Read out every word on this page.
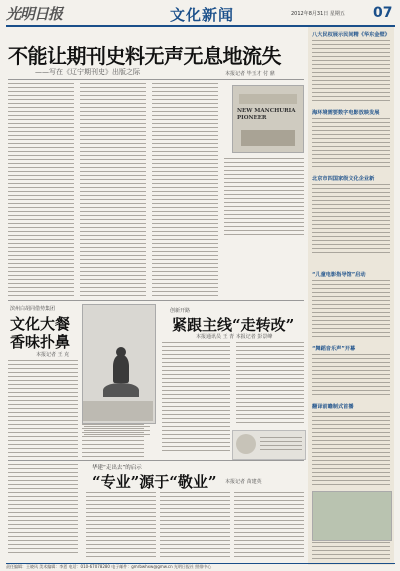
光明日报	文化新闻	2012年8月31日 星期五 07
不能让期刊史料无声无息地流失
——写在《辽宁期刊史》出版之际	本报记者 毕玉才 付 鼎
NEW MANCHURIA PIONEER
滨州白胡同借势集团
文化大餐
香味扑鼻
本报记者 王 克
创新开路
紧跟主线“走转改”
本报通讯员 王 青 本报记者 彭景峰
华建“走出去”的启示
“专业”源于“敬业” 本报记者 苗建英
八大民权展示民间精《华东金壁》
海环境需要数字电影放映发展
北京市四国家级文化企业新
“儿童电影指导馆”启动
“舞蹈音乐声”开幕
翻译前瞻制式首播
责任编辑：王晓风 美术编辑：李恩 电话：010-67078280 电子邮件：gmrbwhxw@gmw.cn 光明日报社 照排中心
